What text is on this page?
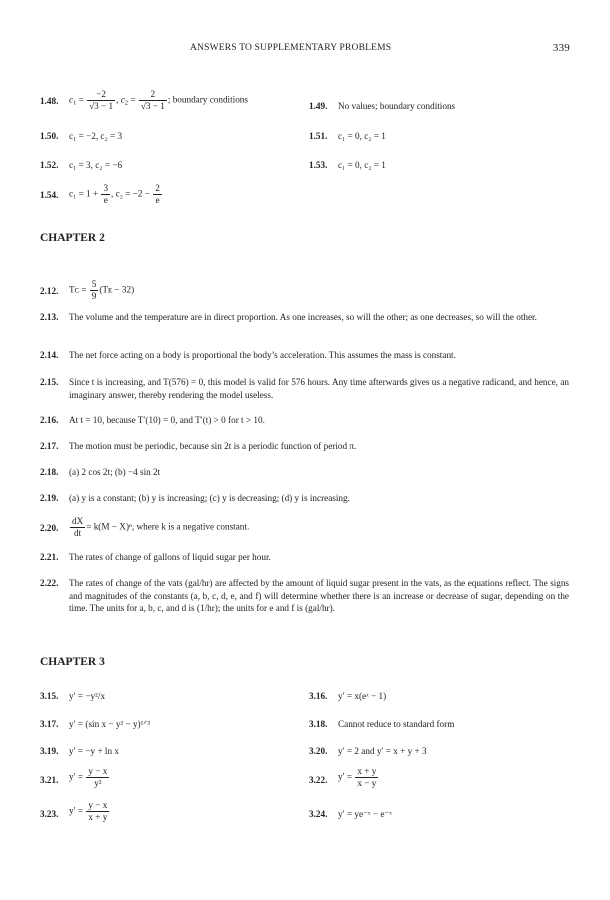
ANSWERS TO SUPPLEMENTARY PROBLEMS	339
1.48.	$c_1 = \frac{-2}{√3 - 1}$ , $c_2 = \frac{2}{√3 - 1}$ ; boundary conditions
1.49.	No values; boundary conditions
1.50.	c₁ = −2, c₂ = 3	1.51.	c₁ = 0, c₂ = 1
1.52.	c₁ = 3, c₂ = −6	1.53.	c₁ = 0, c₂ = 1
1.54.	$c_1 = 1 + \frac{3}{e}$ , $c_2 = -2 - \frac{2}{e}$
CHAPTER 2
2.12.	Tᴄ = $\frac{5}{9}$ (Tᴇ − 32)
2.13.	The volume and the temperature are in direct proportion. As one increases, so will the other; as one decreases, so will the other.
2.14.	The net force acting on a body is proportional the body’s acceleration. This assumes the mass is constant.
2.15.	Since t is increasing, and T(576) = 0, this model is valid for 576 hours. Any time afterwards gives us a negative radicand, and hence, an imaginary answer, thereby rendering the model useless.
2.16.	At t = 10, because T′(10) = 0, and T′(t) > 0 for t > 10.
2.17.	The motion must be periodic, because sin 2t is a periodic function of period π.
2.18.	(a) 2 cos 2t; (b) −4 sin 2t
2.19.	(a) y is a constant; (b) y is increasing; (c) y is decreasing; (d) y is increasing.
2.20.	$\frac{dX}{dt} = k(M - X)^n$, where k is a negative constant.
2.21.	The rates of change of gallons of liquid sugar per hour.
2.22.	The rates of change of the vats (gal/hr) are affected by the amount of liquid sugar present in the vats, as the equations reflect. The signs and magnitudes of the constants (a, b, c, d, e, and f) will determine whether there is an increase or decrease of sugar, depending on the time. The units for a, b, c, and d is (1/hr); the units for e and f is (gal/hr).
CHAPTER 3
3.15.	y′ = −y²/x	3.16.	y′ = x(eˣ − 1)
3.17.	y′ = (sin x − y² − y)¹ᐟ³	3.18.	Cannot reduce to standard form
3.19.	y′ = −y + ln x	3.20.	y′ = 2 and y′ = x + y + 3
3.21.	$y' = \frac{y - x}{\text{y²}}$	3.22.	$y' = \frac{x + y}{x - y}$
3.23.	$y' = \frac{y - x}{x + y}$	3.24.	y′ = ye⁻ˣ − e⁻ˣ
